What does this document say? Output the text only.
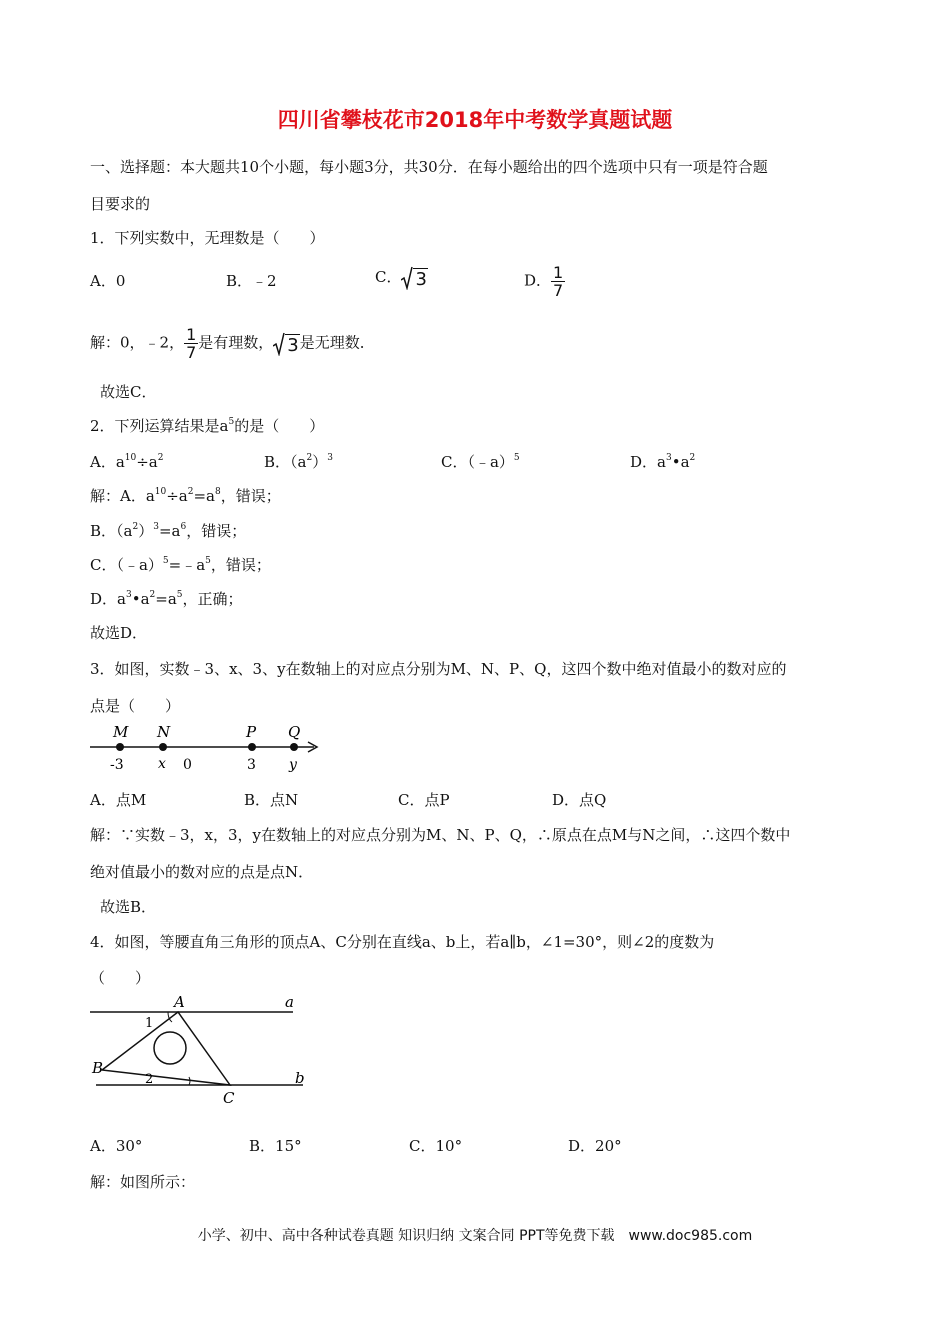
四川省攀枝花市2018年中考数学真题试题
一、选择题：本大题共10个小题，每小题3分，共30分．在每小题给出的四个选项中只有一项是符合题
目要求的
1．下列实数中，无理数是（　　）
A．0	B．﹣2	C． 3	D． $\frac{1}{7}$
解：0，﹣2， $\frac{1}{7}$ 是有理数， 3 是无理数．
故选C．
2．下列运算结果是$a^5$的是（　　）
A．$a^{10}\div a^2$	B．$(a^2)^3$	C．（﹣a）$^5$	D．$a^3•a^2$
解：A．$a^{10}\div a^2=a^8$，错误；
B．$(a^2)^3=a^6$，错误；
C．$(﹣a)^5=﹣a^5$，错误；
D．$a^3•a^2=a^5$，正确；
故选D．
3．如图，实数﹣3、x、3、y在数轴上的对应点分别为M、N、P、Q，这四个数中绝对值最小的数对应的
点是（　　）
M N	P Q
-3 x 0	3 y
A．点M	B．点N	C．点P	D．点Q
解：∵实数﹣3，x，3，y在数轴上的对应点分别为M、N、P、Q，∴原点在点M与N之间，∴这四个数中
绝对值最小的数对应的点是点N．
故选B．
4．如图，等腰直角三角形的顶点A、C分别在直线a、b上，若a∥b，∠1=30°，则∠2的度数为
（　　）
A
B
C
a
b
1
2
A．30°	B．15°	C．10°	D．20°
解：如图所示：
小学、初中、高中各种试卷真题 知识归纳 文案合同 PPT等免费下载　www.doc985.com
